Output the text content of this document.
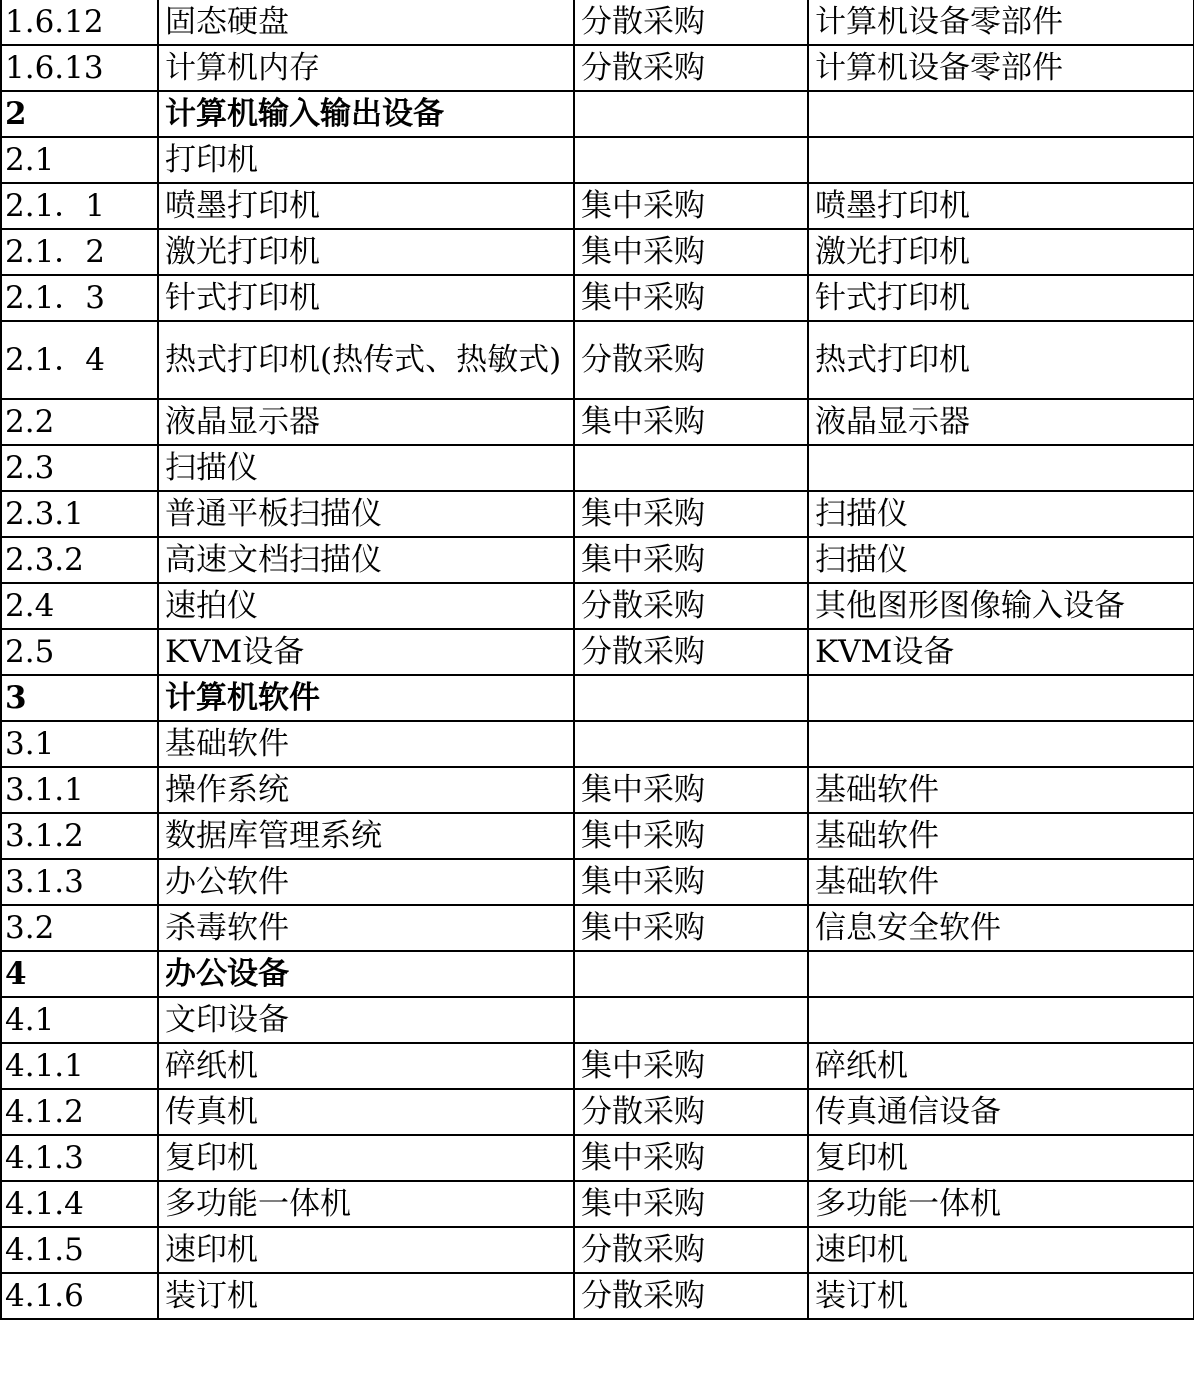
1.6.12	固态硬盘	分散采购	计算机设备零部件
1.6.13	计算机内存	分散采购	计算机设备零部件
2	计算机输入输出设备		
2.1	打印机		
2.1．1	喷墨打印机	集中采购	喷墨打印机
2.1．2	激光打印机	集中采购	激光打印机
2.1．3	针式打印机	集中采购	针式打印机
2.1．4	热式打印机(热传式、热敏式)	分散采购	热式打印机
2.2	液晶显示器	集中采购	液晶显示器
2.3	扫描仪		
2.3.1	普通平板扫描仪	集中采购	扫描仪
2.3.2	高速文档扫描仪	集中采购	扫描仪
2.4	速拍仪	分散采购	其他图形图像输入设备
2.5	KVM设备	分散采购	KVM设备
3	计算机软件		
3.1	基础软件		
3.1.1	操作系统	集中采购	基础软件
3.1.2	数据库管理系统	集中采购	基础软件
3.1.3	办公软件	集中采购	基础软件
3.2	杀毒软件	集中采购	信息安全软件
4	办公设备		
4.1	文印设备		
4.1.1	碎纸机	集中采购	碎纸机
4.1.2	传真机	分散采购	传真通信设备
4.1.3	复印机	集中采购	复印机
4.1.4	多功能一体机	集中采购	多功能一体机
4.1.5	速印机	分散采购	速印机
4.1.6	装订机	分散采购	装订机
